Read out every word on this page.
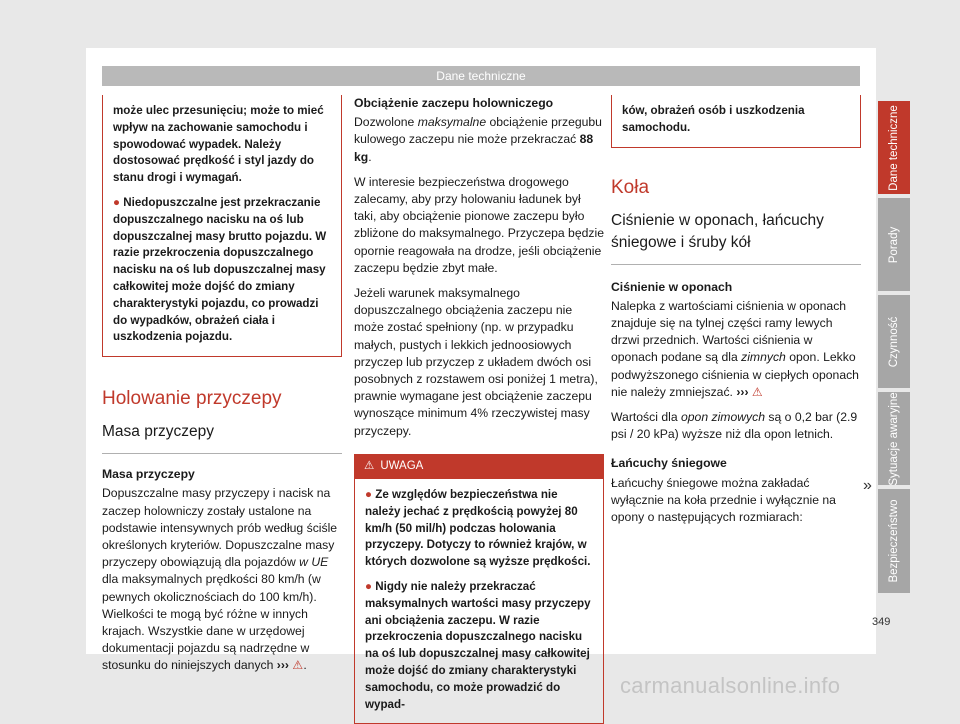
Dane techniczne

może ulec przesunięciu; może to mieć wpływ na zachowanie samochodu i spowodować wypadek. Należy dostosować prędkość i styl jazdy do stanu drogi i wymagań.

● Niedopuszczalne jest przekraczanie dopuszczalnego nacisku na oś lub dopuszczalnej masy brutto pojazdu. W razie przekroczenia dopuszczalnego nacisku na oś lub dopuszczalnej masy całkowitej może dojść do zmiany charakterystyki pojazdu, co prowadzi do wypadków, obrażeń ciała i uszkodzenia pojazdu.

Holowanie przyczepy
Masa przyczepy

Masa przyczepy

Dopuszczalne masy przyczepy i nacisk na zaczep holowniczy zostały ustalone na podstawie intensywnych prób według ściśle określonych kryteriów. Dopuszczalne masy przyczepy obowiązują dla pojazdów w UE dla maksymalnych prędkości 80 km/h (w pewnych okolicznościach do 100 km/h). Wielkości te mogą być różne w innych krajach. Wszystkie dane w urzędowej dokumentacji pojazdu są nadrzędne w stosunku do niniejszych danych ››› ⚠.

Obciążenie zaczepu holowniczego

Dozwolone maksymalne obciążenie przegubu kulowego zaczepu nie może przekraczać 88 kg.

W interesie bezpieczeństwa drogowego zalecamy, aby przy holowaniu ładunek był taki, aby obciążenie pionowe zaczepu było zbliżone do maksymalnego. Przyczepa będzie opornie reagowała na drodze, jeśli obciążenie zaczepu będzie zbyt małe.

Jeżeli warunek maksymalnego dopuszczalnego obciążenia zaczepu nie może zostać spełniony (np. w przypadku małych, pustych i lekkich jednoosiowych przyczep lub przyczep z układem dwóch osi posobnych z rozstawem osi poniżej 1 metra), prawnie wymagane jest obciążenie zaczepu wynoszące minimum 4% rzeczywistej masy przyczepy.

⚠ UWAGA

● Ze względów bezpieczeństwa nie należy jechać z prędkością powyżej 80 km/h (50 mil/h) podczas holowania przyczepy. Dotyczy to również krajów, w których dozwolone są wyższe prędkości.

● Nigdy nie należy przekraczać maksymalnych wartości masy przyczepy ani obciążenia zaczepu. W razie przekroczenia dopuszczalnego nacisku na oś lub dopuszczalnej masy całkowitej może dojść do zmiany charakterystyki samochodu, co może prowadzić do wypad-

ków, obrażeń osób i uszkodzenia samochodu.

Koła
Ciśnienie w oponach, łańcuchy śniegowe i śruby kół

Ciśnienie w oponach

Nalepka z wartościami ciśnienia w oponach znajduje się na tylnej części ramy lewych drzwi przednich. Wartości ciśnienia w oponach podane są dla zimnych opon. Lekko podwyższonego ciśnienia w ciepłych oponach nie należy zmniejszać. ››› ⚠

Wartości dla opon zimowych są o 0,2 bar (2.9 psi / 20 kPa) wyższe niż dla opon letnich.

Łańcuchy śniegowe

Łańcuchy śniegowe można zakładać wyłącznie na koła przednie i wyłącznie na opony o następujących rozmiarach:

»
Dane techniczne
Porady
Czynność
Sytuacje awaryjne
Bezpieczeństwo
349
carmanualsonline.info
